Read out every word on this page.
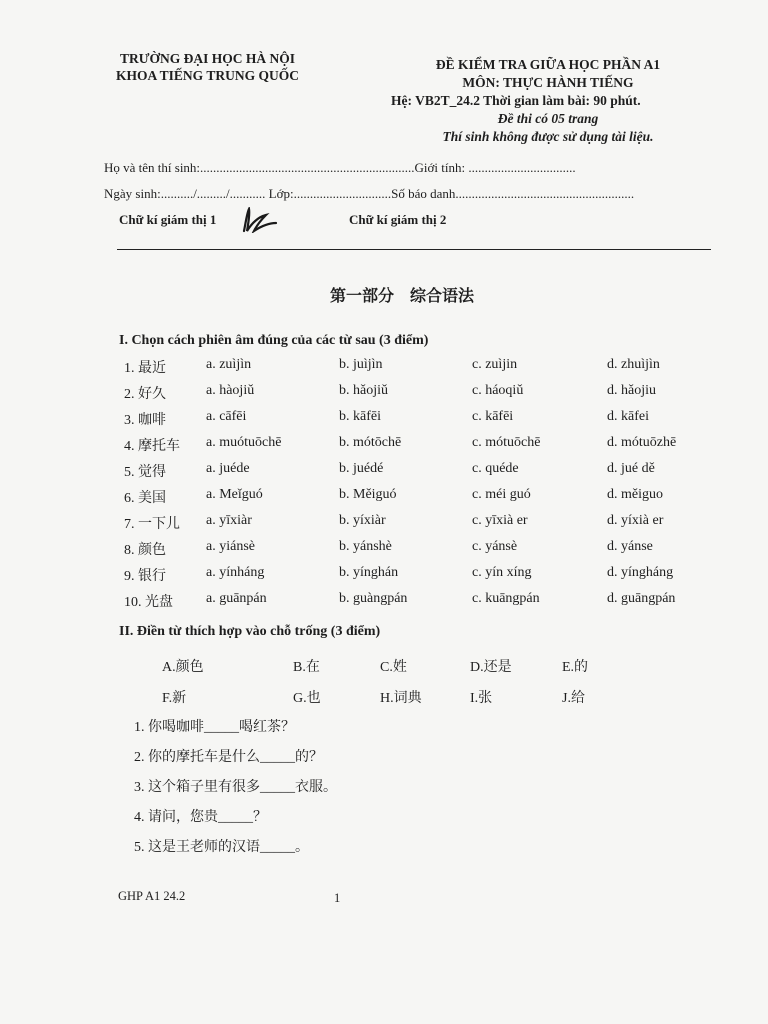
TRƯỜNG ĐẠI HỌC HÀ NỘI
KHOA TIẾNG TRUNG QUỐC
ĐỀ KIỂM TRA GIỮA HỌC PHẦN A1
MÔN: THỰC HÀNH TIẾNG
Hệ: VB2T_24.2 Thời gian làm bài: 90 phút.
Đề thi có 05 trang
Thí sinh không được sử dụng tài liệu.
Họ và tên thí sinh:..................................................................Giới tính: .................................
Ngày sinh:........../........./........... Lớp:..............................Số báo danh.......................................................
Chữ kí giám thị 1	Chữ kí giám thị 2
第一部分　综合语法
I. Chọn cách phiên âm đúng của các từ sau (3 điểm)
1. 最近	a. zuìjìn	b. juìjìn	c. zuìjin	d. zhuìjìn
2. 好久	a. hàojiǔ	b. hǎojiǔ	c. háoqiǔ	d. hǎojiu
3. 咖啡	a. cāfēi	b. kāfēi	c. kāfēi	d. kāfei
4. 摩托车 a. muótuōchē	b. mótōchē	c. mótuōchē	d. mótuōzhē
5. 觉得	a. juéde	b. juédé	c. quéde	d. jué dě
6. 美国	a. Meǐguó	b. Měiguó	c. méi guó	d. měiguo
7. 一下儿 a. yīxiàr	b. yíxiàr	c. yīxià er	d. yíxià er
8. 颜色	a. yiánsè	b. yánshè	c. yánsè	d. yánse
9. 银行	a. yínháng	b. yínghán	c. yín xíng	d. yíngháng
10. 光盘 a. guānpán	b. guàngpán	c. kuāngpán	d. guāngpán
II. Điền từ thích hợp vào chỗ trống (3 điểm)
A.颜色	B.在	C.姓	D.还是	E.的
F.新	G.也	H.词典	I.张	J.给
1. 你喝咖啡_____喝红茶？
2. 你的摩托车是什么_____的？
3. 这个箱子里有很多_____衣服。
4. 请问，您贵_____？
5. 这是王老师的汉语_____。
GHP A1 24.2	1
